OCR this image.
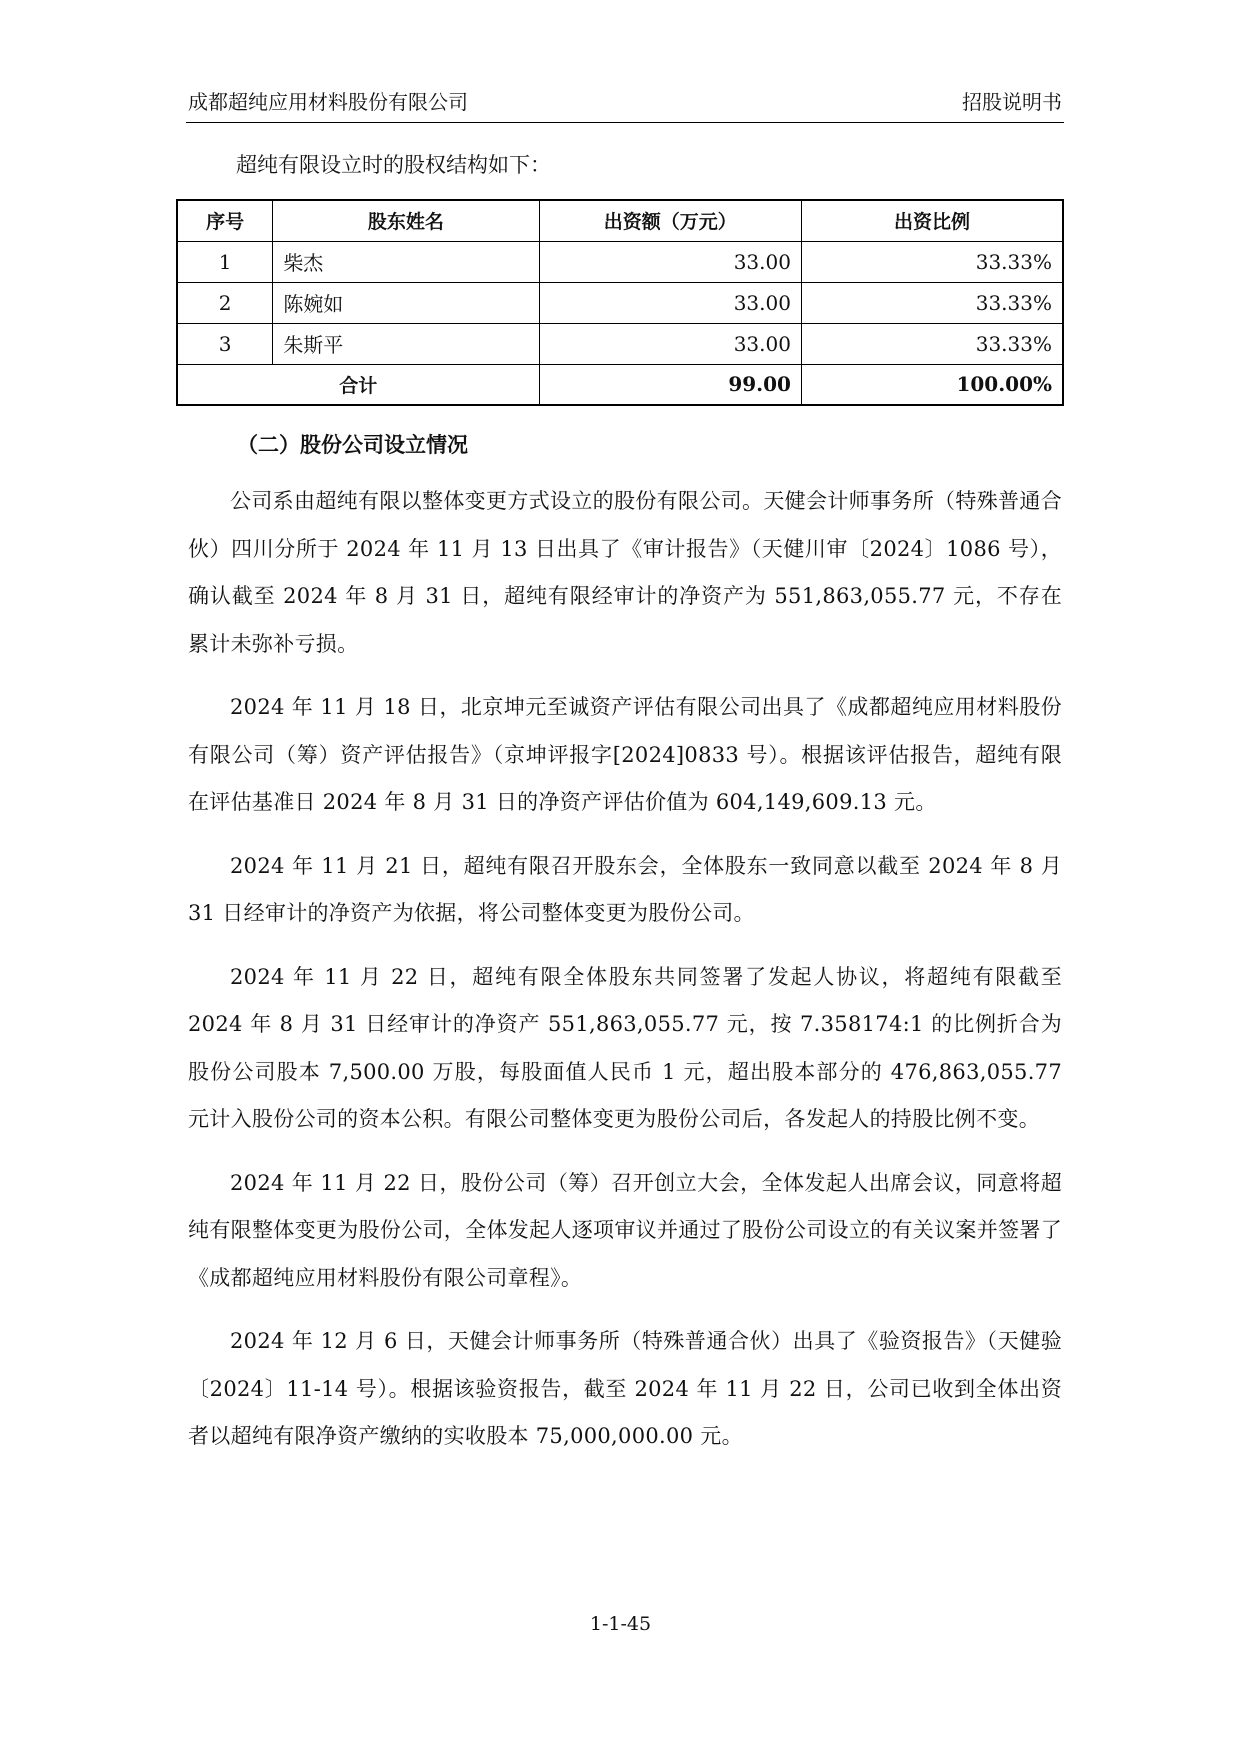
成都超纯应用材料股份有限公司	招股说明书
超纯有限设立时的股权结构如下：
序号	股东姓名	出资额（万元）	出资比例
1	柴杰	33.00	33.33%
2	陈婉如	33.00	33.33%
3	朱斯平	33.00	33.33%
合计		99.00	100.00%
（二）股份公司设立情况

公司系由超纯有限以整体变更方式设立的股份有限公司。天健会计师事务所（特殊普通合伙）四川分所于 2024 年 11 月 13 日出具了《审计报告》（天健川审〔2024〕1086 号），确认截至 2024 年 8 月 31 日，超纯有限经审计的净资产为 551,863,055.77 元，不存在累计未弥补亏损。

2024 年 11 月 18 日，北京坤元至诚资产评估有限公司出具了《成都超纯应用材料股份有限公司（筹）资产评估报告》（京坤评报字[2024]0833 号）。根据该评估报告，超纯有限在评估基准日 2024 年 8 月 31 日的净资产评估价值为 604,149,609.13 元。

2024 年 11 月 21 日，超纯有限召开股东会，全体股东一致同意以截至 2024 年 8 月 31 日经审计的净资产为依据，将公司整体变更为股份公司。

2024 年 11 月 22 日，超纯有限全体股东共同签署了发起人协议，将超纯有限截至 2024 年 8 月 31 日经审计的净资产 551,863,055.77 元，按 7.358174:1 的比例折合为股份公司股本 7,500.00 万股，每股面值人民币 1 元，超出股本部分的 476,863,055.77 元计入股份公司的资本公积。有限公司整体变更为股份公司后，各发起人的持股比例不变。

2024 年 11 月 22 日，股份公司（筹）召开创立大会，全体发起人出席会议，同意将超纯有限整体变更为股份公司，全体发起人逐项审议并通过了股份公司设立的有关议案并签署了《成都超纯应用材料股份有限公司章程》。

2024 年 12 月 6 日，天健会计师事务所（特殊普通合伙）出具了《验资报告》（天健验〔2024〕11-14 号）。根据该验资报告，截至 2024 年 11 月 22 日，公司已收到全体出资者以超纯有限净资产缴纳的实收股本 75,000,000.00 元。

1-1-45
